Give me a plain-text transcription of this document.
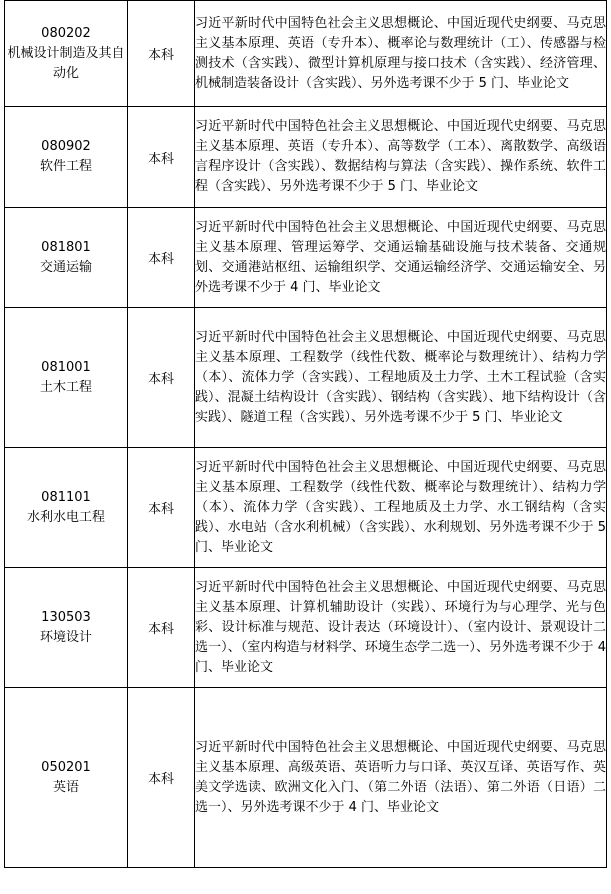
080202
机械设计制造及其自动化	本科	习近平新时代中国特色社会主义思想概论、中国近现代史纲要、马克思主义基本原理、英语（专升本）、概率论与数理统计（工）、传感器与检测技术（含实践）、微型计算机原理与接口技术（含实践）、经济管理、机械制造装备设计（含实践）、另外选考课不少于 5 门、毕业论文

080902
软件工程	本科	习近平新时代中国特色社会主义思想概论、中国近现代史纲要、马克思主义基本原理、英语（专升本）、高等数学（工本）、离散数学、高级语言程序设计（含实践）、数据结构与算法（含实践）、操作系统、软件工程（含实践）、另外选考课不少于 5 门、毕业论文

081801
交通运输	本科	习近平新时代中国特色社会主义思想概论、中国近现代史纲要、马克思主义基本原理、管理运筹学、交通运输基础设施与技术装备、交通规划、交通港站枢纽、运输组织学、交通运输经济学、交通运输安全、另外选考课不少于 4 门、毕业论文

081001
土木工程	本科	习近平新时代中国特色社会主义思想概论、中国近现代史纲要、马克思主义基本原理、工程数学（线性代数、概率论与数理统计）、结构力学（本）、流体力学（含实践）、工程地质及土力学、土木工程试验（含实践）、混凝土结构设计（含实践）、钢结构（含实践）、地下结构设计（含实践）、隧道工程（含实践）、另外选考课不少于 5 门、毕业论文

081101
水利水电工程	本科	习近平新时代中国特色社会主义思想概论、中国近现代史纲要、马克思主义基本原理、工程数学（线性代数、概率论与数理统计）、结构力学（本）、流体力学（含实践）、工程地质及土力学、水工钢结构（含实践）、水电站（含水利机械）（含实践）、水利规划、另外选考课不少于 5 门、毕业论文

130503
环境设计	本科	习近平新时代中国特色社会主义思想概论、中国近现代史纲要、马克思主义基本原理、计算机辅助设计（实践）、环境行为与心理学、光与色彩、设计标准与规范、设计表达（环境设计）、（室内设计、景观设计二选一）、（室内构造与材料学、环境生态学二选一）、另外选考课不少于 4 门、毕业论文

050201
英语	本科	习近平新时代中国特色社会主义思想概论、中国近现代史纲要、马克思主义基本原理、高级英语、英语听力与口译、英汉互译、英语写作、英美文学选读、欧洲文化入门、（第二外语（法语）、第二外语（日语）二选一）、另外选考课不少于 4 门、毕业论文
